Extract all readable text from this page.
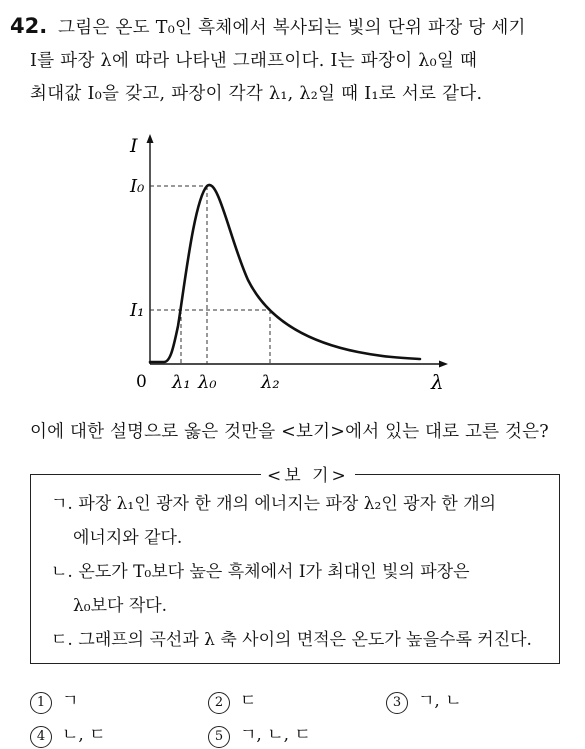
42. 그림은 온도 T₀인 흑체에서 복사되는 빛의 단위 파장 당 세기
I를 파장 λ에 따라 나타낸 그래프이다. I는 파장이 λ₀일 때
최대값 I₀을 갖고, 파장이 각각 λ₁, λ₂일 때 I₁로 서로 같다.
I
I₀
I₁
0 λ₁ λ₀ λ₂	λ
이에 대한 설명으로 옳은 것만을 <보기>에서 있는 대로 고른 것은?
<보 기>
ㄱ. 파장 λ₁인 광자 한 개의 에너지는 파장 λ₂인 광자 한 개의
에너지와 같다.
ㄴ. 온도가 T₀보다 높은 흑체에서 I가 최대인 빛의 파장은
λ₀보다 작다.
ㄷ. 그래프의 곡선과 λ 축 사이의 면적은 온도가 높을수록 커진다.
1 ㄱ	2 ㄷ	3 ㄱ, ㄴ
4 ㄴ, ㄷ	5 ㄱ, ㄴ, ㄷ
